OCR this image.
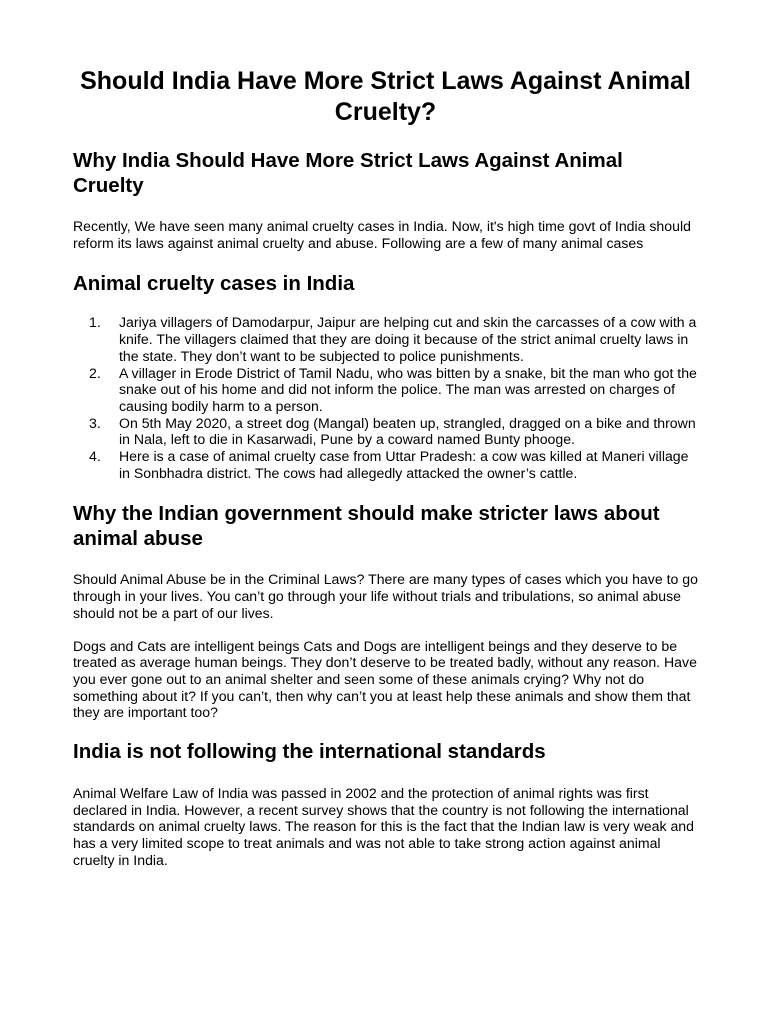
Should India Have More Strict Laws Against Animal Cruelty?
Why India Should Have More Strict Laws Against Animal Cruelty

Recently, We have seen many animal cruelty cases in India. Now, it's high time govt of India should reform its laws against animal cruelty and abuse. Following are a few of many animal cases

Animal cruelty cases in India
1. Jariya villagers of Damodarpur, Jaipur are helping cut and skin the carcasses of a cow with a knife. The villagers claimed that they are doing it because of the strict animal cruelty laws in the state. They don’t want to be subjected to police punishments.
2. A villager in Erode District of Tamil Nadu, who was bitten by a snake, bit the man who got the snake out of his home and did not inform the police. The man was arrested on charges of causing bodily harm to a person.
3. On 5th May 2020, a street dog (Mangal) beaten up, strangled, dragged on a bike and thrown in Nala, left to die in Kasarwadi, Pune by a coward named Bunty phooge.
4. Here is a case of animal cruelty case from Uttar Pradesh: a cow was killed at Maneri village in Sonbhadra district. The cows had allegedly attacked the owner’s cattle.
Why the Indian government should make stricter laws about animal abuse

Should Animal Abuse be in the Criminal Laws? There are many types of cases which you have to go through in your lives. You can’t go through your life without trials and tribulations, so animal abuse should not be a part of our lives.

Dogs and Cats are intelligent beings Cats and Dogs are intelligent beings and they deserve to be treated as average human beings. They don’t deserve to be treated badly, without any reason. Have you ever gone out to an animal shelter and seen some of these animals crying? Why not do something about it? If you can’t, then why can’t you at least help these animals and show them that they are important too?

India is not following the international standards

Animal Welfare Law of India was passed in 2002 and the protection of animal rights was first declared in India. However, a recent survey shows that the country is not following the international standards on animal cruelty laws. The reason for this is the fact that the Indian law is very weak and has a very limited scope to treat animals and was not able to take strong action against animal cruelty in India.
